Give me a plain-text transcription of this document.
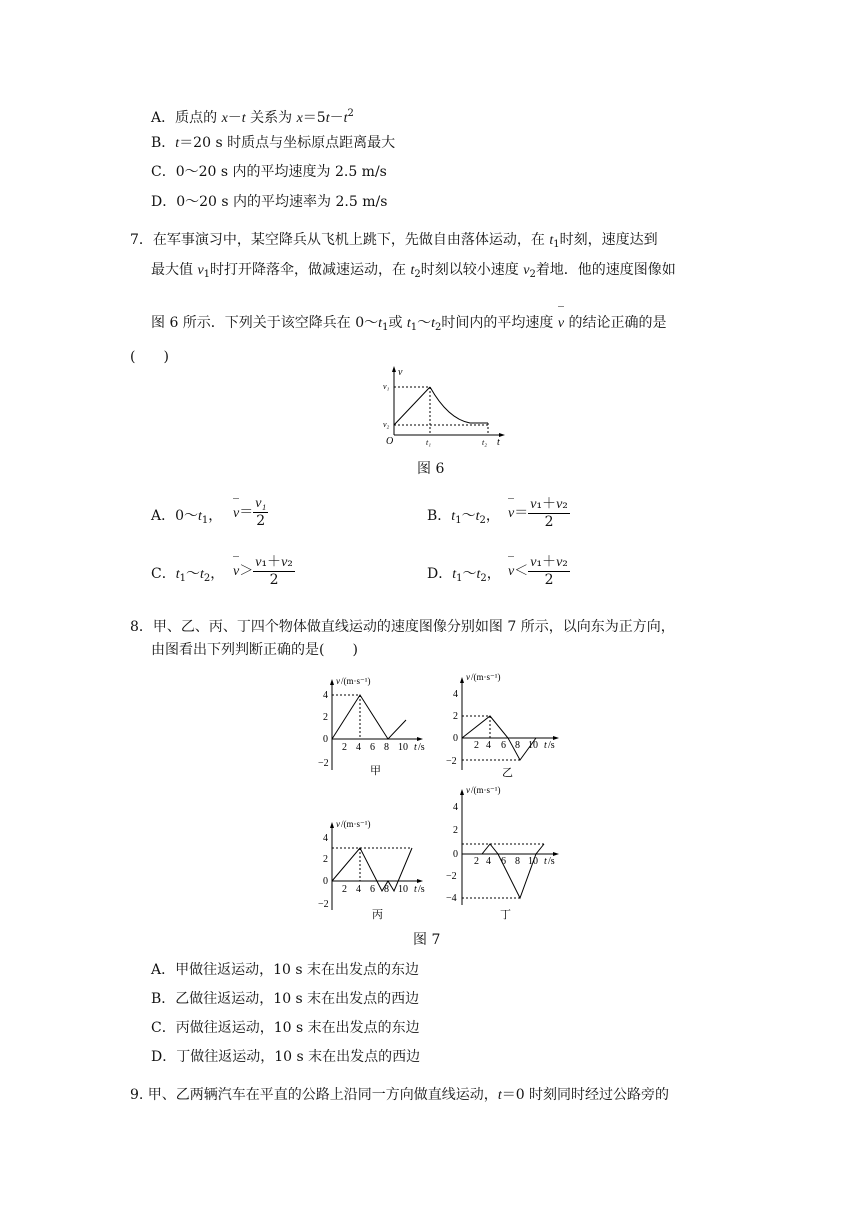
A．质点的 x－t 关系为 $x=5t-t^2$
B．t＝20 s 时质点与坐标原点距离最大
C．0～20 s 内的平均速度为 2.5 m/s
D．0～20 s 内的平均速率为 2.5 m/s
7．在军事演习中，某空降兵从飞机上跳下，先做自由落体运动，在 $t_1$时刻，速度达到
最大值 $v_1$时打开降落伞，做减速运动，在 $t_2$时刻以较小速度 $v_2$着地．他的速度图像如
图 6 所示．下列关于该空降兵在 $0\sim t_1$或 $t_1\sim t_2$时间内的平均速度 v 的结论正确的是
(　　)
v₁
v₂
v
O	t₁	t₂ t
图 6
A．$0\sim t_1$， $v= \frac{\text{v₁}}{2}$	B．$t_1\sim t_2$， $v= \frac{\text{v₁＋v₂}}{2}$
C．$t_1\sim t_2$， $v> \frac{\text{v₁＋v₂}}{2}$	D．$t_1\sim t_2$， $v< \frac{\text{v₁＋v₂}}{2}$
8．甲、乙、丙、丁四个物体做直线运动的速度图像分别如图 7 所示，以向东为正方向，
由图看出下列判断正确的是(　　)
v /(m·s⁻¹)
4
2
0
−2
2 4 6 8 10 t /s
甲
v /(m·s⁻¹)
4
2
0
−2
2 4 6 8 10 t /s
乙
v /(m·s⁻¹)
4
2
0
−2
2 4 6 8 10 t /s
丙
v /(m·s⁻¹)
4
2
0
−2
−4
2 4 6 8 10 t /s
丁
图 7
A．甲做往返运动，10 s 末在出发点的东边
B．乙做往返运动，10 s 末在出发点的西边
C．丙做往返运动，10 s 末在出发点的东边
D．丁做往返运动，10 s 末在出发点的西边
9. 甲、乙两辆汽车在平直的公路上沿同一方向做直线运动，t＝0 时刻同时经过公路旁的
